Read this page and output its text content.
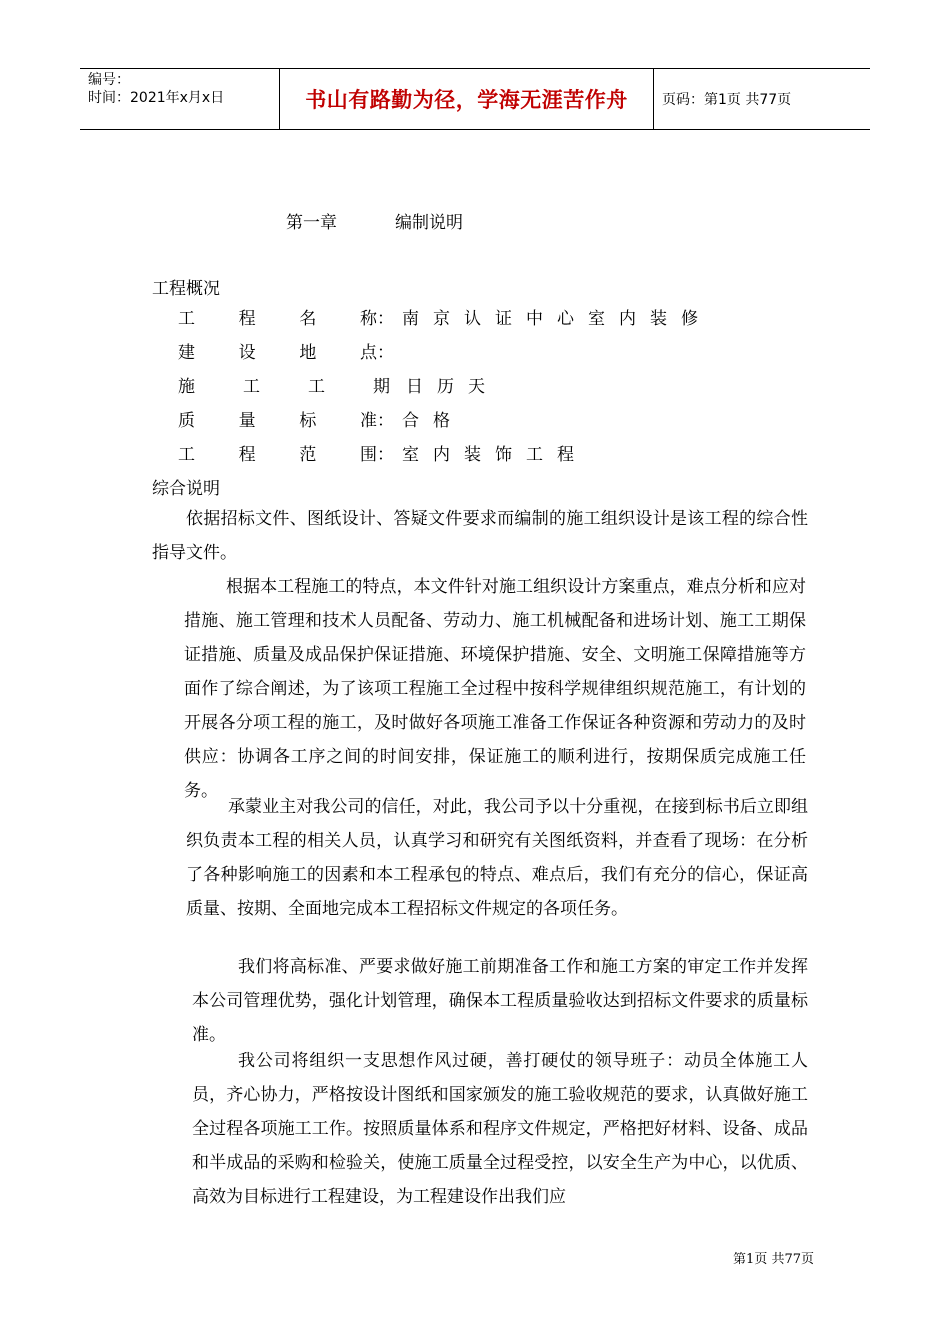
编号：
时间：2021年x月x日	书山有路勤为径，学海无涯苦作舟 页码：第1页 共77页
第一章	编制说明
工程概况
工	程	名	称： 南京认证中心室内装修
建	设	地	点：
施	工	工	期 日历天
质	量	标	准： 合格
工	程	范	围： 室内装饰工程
综合说明
依据招标文件、图纸设计、答疑文件要求而编制的施工组织设计是该工程的综合性指导文件。
根据本工程施工的特点，本文件针对施工组织设计方案重点，难点分析和应对措施、施工管理和技术人员配备、劳动力、施工机械配备和进场计划、施工工期保证措施、质量及成品保护保证措施、环境保护措施、安全、文明施工保障措施等方面作了综合阐述，为了该项工程施工全过程中按科学规律组织规范施工，有计划的开展各分项工程的施工，及时做好各项施工准备工作保证各种资源和劳动力的及时供应：协调各工序之间的时间安排，保证施工的顺利进行，按期保质完成施工任务。
承蒙业主对我公司的信任，对此，我公司予以十分重视，在接到标书后立即组织负责本工程的相关人员，认真学习和研究有关图纸资料，并查看了现场：在分析了各种影响施工的因素和本工程承包的特点、难点后，我们有充分的信心，保证高质量、按期、全面地完成本工程招标文件规定的各项任务。
我们将高标准、严要求做好施工前期准备工作和施工方案的审定工作并发挥本公司管理优势，强化计划管理，确保本工程质量验收达到招标文件要求的质量标准。
我公司将组织一支思想作风过硬，善打硬仗的领导班子：动员全体施工人员，齐心协力，严格按设计图纸和国家颁发的施工验收规范的要求，认真做好施工全过程各项施工工作。按照质量体系和程序文件规定，严格把好材料、设备、成品和半成品的采购和检验关，使施工质量全过程受控，以安全生产为中心，以优质、高效为目标进行工程建设，为工程建设作出我们应
第1页 共77页
